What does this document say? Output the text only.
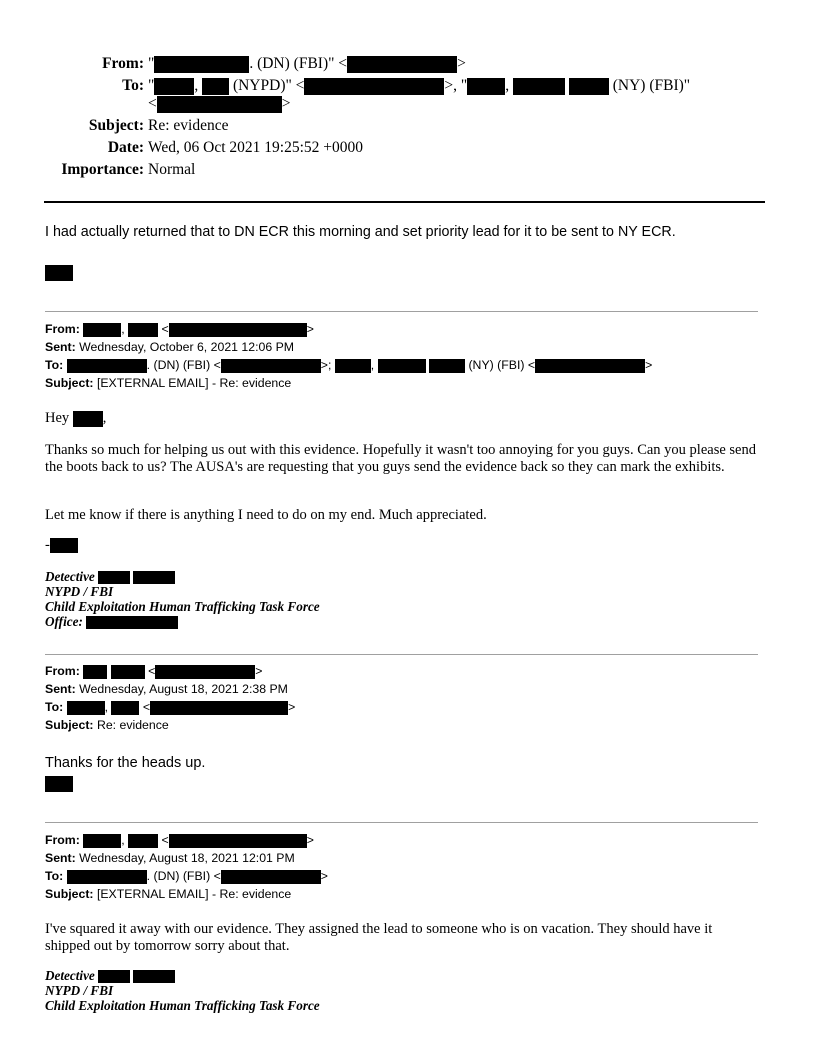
From: "	. (DN) (FBI)" <	>
To: "	,  (NYPD)" <	>, " ,	(NY) (FBI)"
<	>
Subject: Re: evidence
Date: Wed, 06 Oct 2021 19:25:52 +0000
Importance: Normal
I had actually returned that to DN ECR this morning and set priority lead for it to be sent to NY ECR.
From:	,	<	>
Sent: Wednesday, October 6, 2021 12:06 PM
To:	. (DN) (FBI) <	>;	,	(NY) (FBI) <	>
Subject: [EXTERNAL EMAIL] - Re: evidence
Hey ,
Thanks so much for helping us out with this evidence. Hopefully it wasn't too annoying for you guys. Can you please send the boots back to us? The AUSA's are requesting that you guys send the evidence back so they can mark the exhibits.
Let me know if there is anything I need to do on my end. Much appreciated.
-
Detective
NYPD / FBI
Child Exploitation Human Trafficking Task Force
Office:
From:	<	>
Sent: Wednesday, August 18, 2021 2:38 PM
To:	,	<	>
Subject: Re: evidence
Thanks for the heads up.
From:	,	<	>
Sent: Wednesday, August 18, 2021 12:01 PM
To:	. (DN) (FBI) <	>
Subject: [EXTERNAL EMAIL] - Re: evidence
I've squared it away with our evidence. They assigned the lead to someone who is on vacation. They should have it shipped out by tomorrow sorry about that.
Detective
NYPD / FBI
Child Exploitation Human Trafficking Task Force
